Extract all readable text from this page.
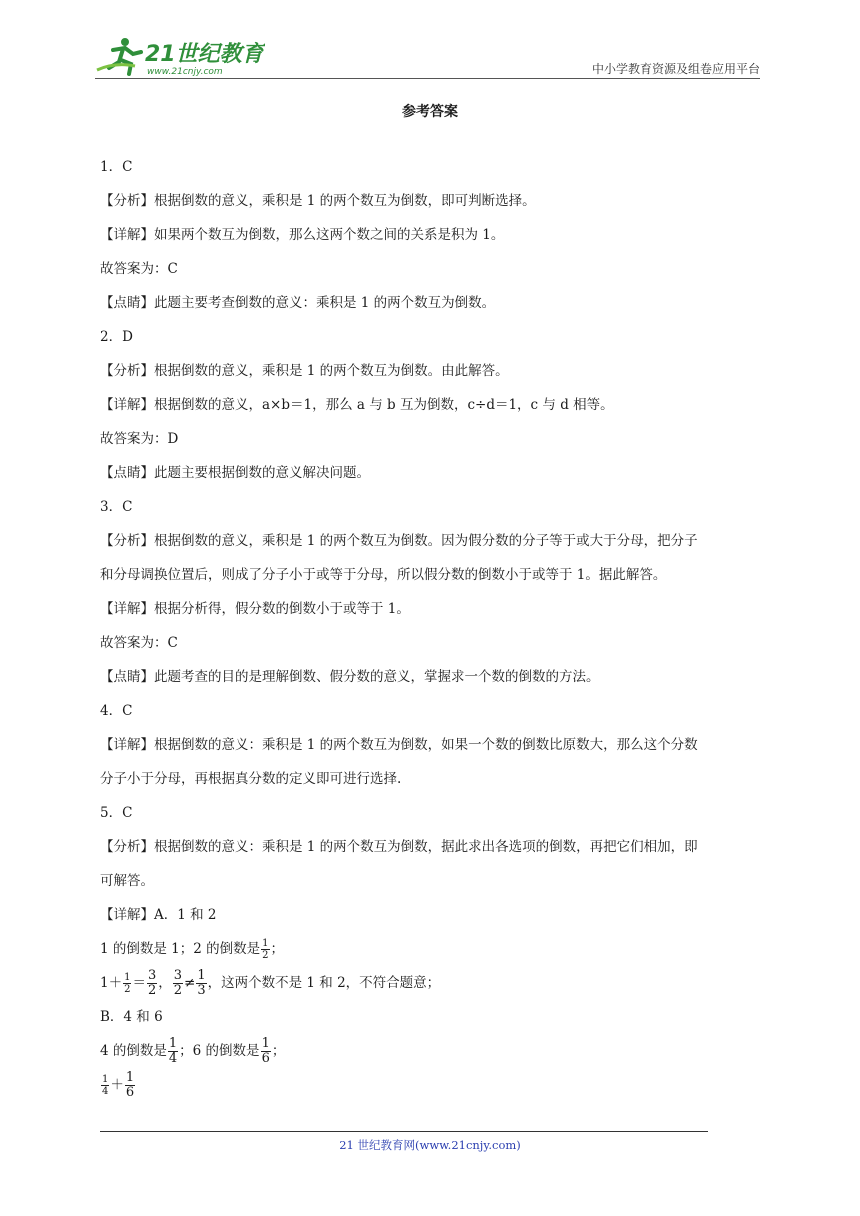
21世纪教育
www.21cnjy.com	中小学教育资源及组卷应用平台
参考答案
1．C
【分析】根据倒数的意义，乘积是 1 的两个数互为倒数，即可判断选择。
【详解】如果两个数互为倒数，那么这两个数之间的关系是积为 1。
故答案为：C
【点睛】此题主要考查倒数的意义：乘积是 1 的两个数互为倒数。
2．D
【分析】根据倒数的意义，乘积是 1 的两个数互为倒数。由此解答。
【详解】根据倒数的意义，a×b＝1，那么 a 与 b 互为倒数，c÷d＝1，c 与 d 相等。
故答案为：D
【点睛】此题主要根据倒数的意义解决问题。
3．C
【分析】根据倒数的意义，乘积是 1 的两个数互为倒数。因为假分数的分子等于或大于分母，把分子
和分母调换位置后，则成了分子小于或等于分母，所以假分数的倒数小于或等于 1。据此解答。
【详解】根据分析得，假分数的倒数小于或等于 1。
故答案为：C
【点睛】此题考查的目的是理解倒数、假分数的意义，掌握求一个数的倒数的方法。
4．C
【详解】根据倒数的意义：乘积是 1 的两个数互为倒数，如果一个数的倒数比原数大，那么这个分数
分子小于分母，再根据真分数的定义即可进行选择.
5．C
【分析】根据倒数的意义：乘积是 1 的两个数互为倒数，据此求出各选项的倒数，再把它们相加，即
可解答。
【详解】A．1 和 2
1 的倒数是 1；2 的倒数是 $\frac{1}{2}$ ；
$1+ \frac{1}{2} = \frac{3}{2}$ ， $\frac{3}{2} \ne \frac{1}{3}$ ，这两个数不是 1 和 2，不符合题意；
B．4 和 6
4 的倒数是 $\frac{1}{4}$ ；6 的倒数是 $\frac{1}{6}$ ；
$\frac{1}{4} + \frac{1}{6}$
21 世纪教育网(www.21cnjy.com)
